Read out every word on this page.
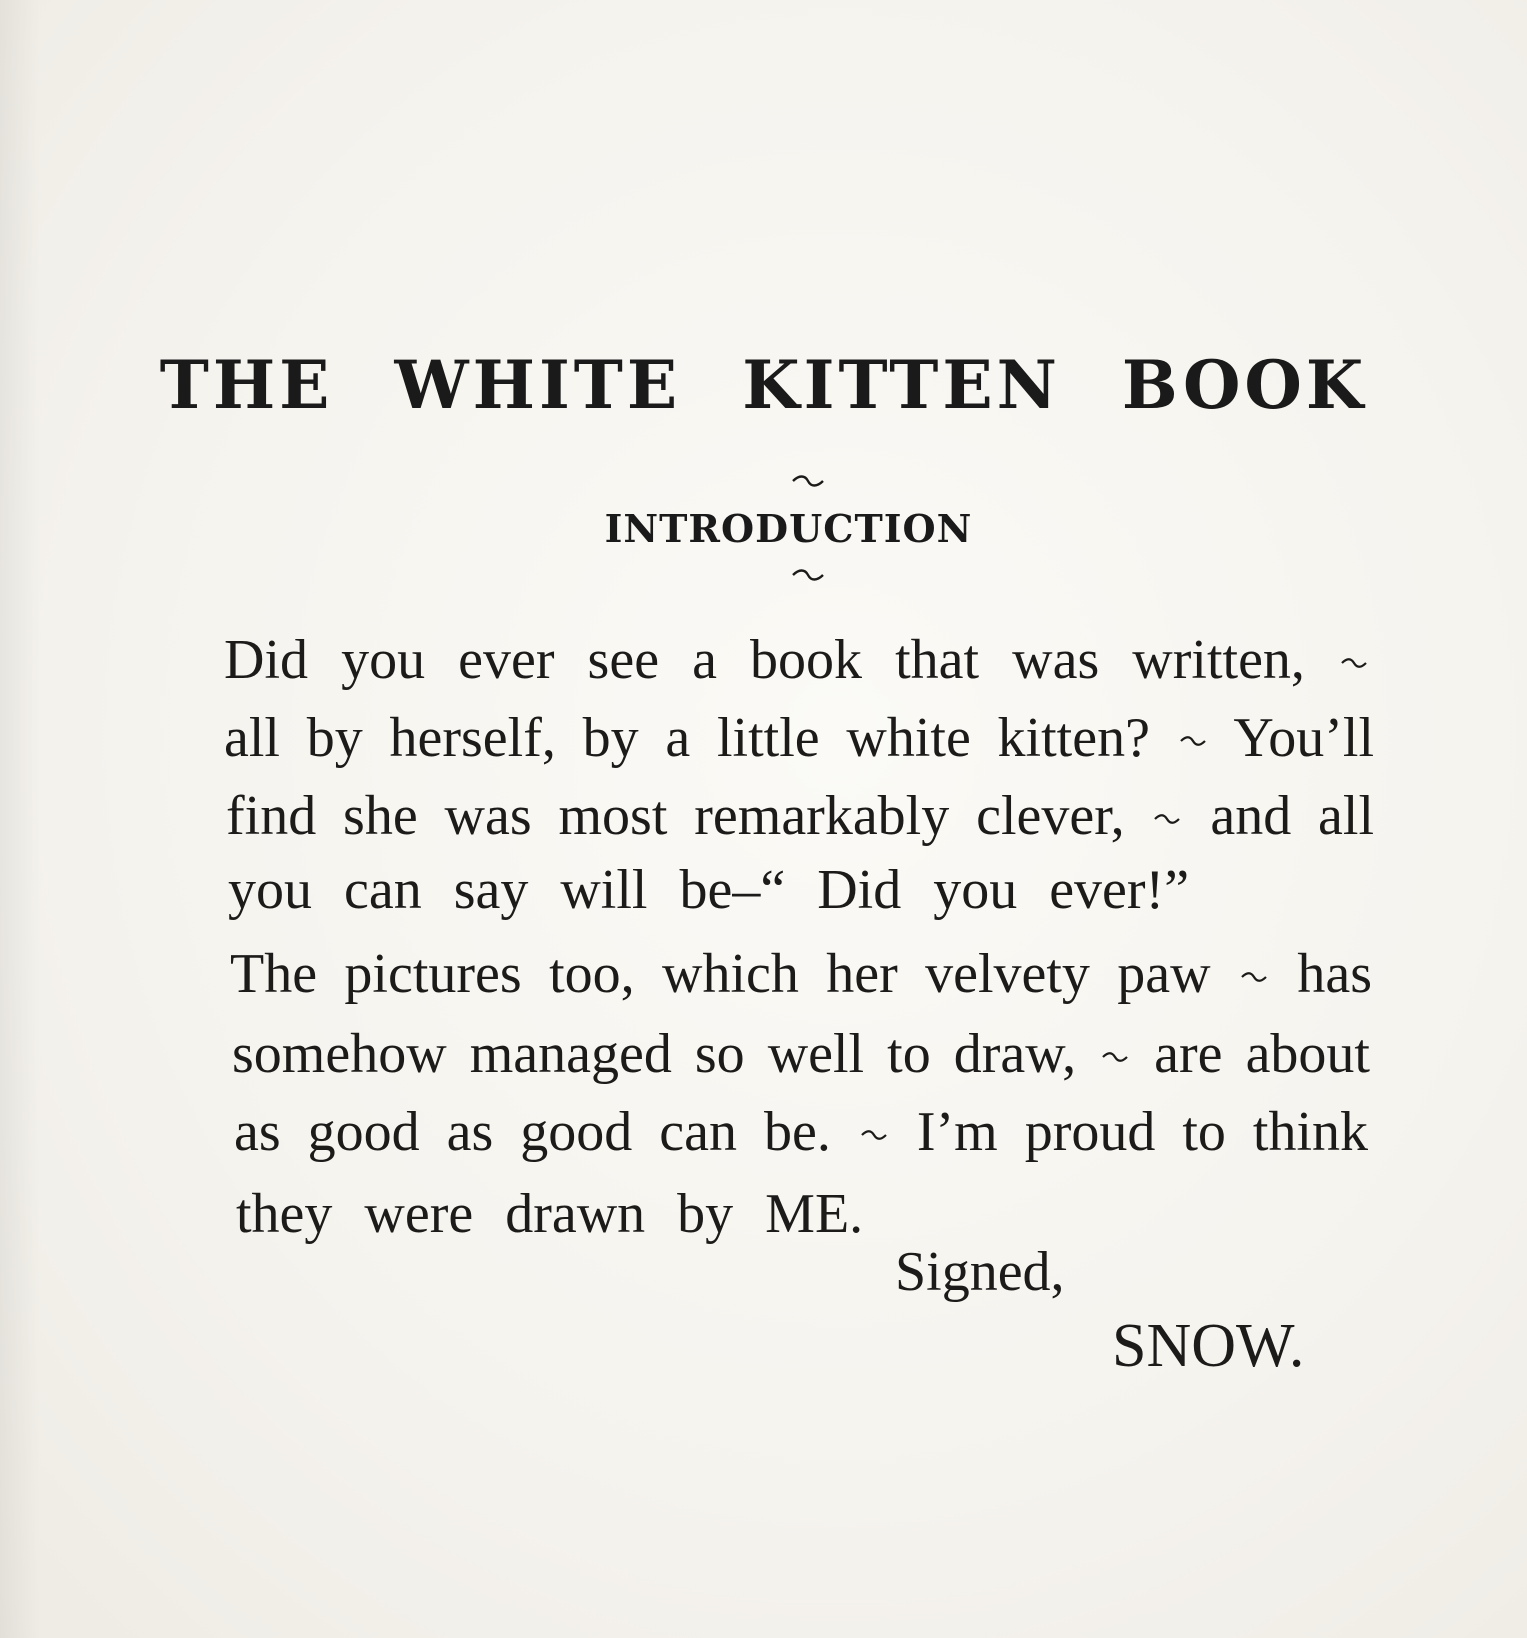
THE WHITE KITTEN BOOK
INTRODUCTION
Did you ever see a book that was written,
all by herself, by a little white kitten? You’ll
find she was most remarkably clever, and all
you can say will be–“ Did you ever!”
The pictures too, which her velvety paw has
somehow managed so well to draw, are about
as good as good can be. I’m proud to think
they were drawn by ME.
Signed,
SNOW.
